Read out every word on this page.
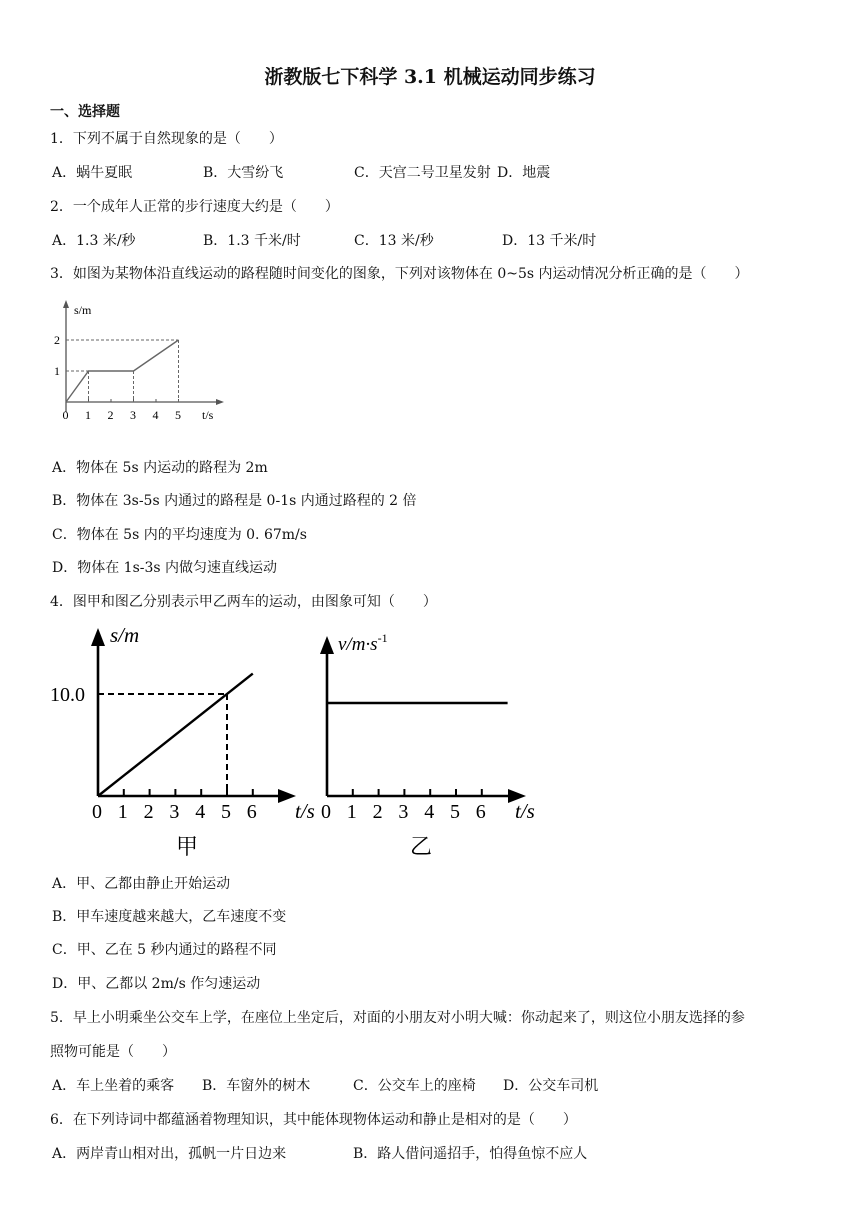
浙教版七下科学 3.1 机械运动同步练习
一、选择题
1．下列不属于自然现象的是（　　）
A．蜗牛夏眠	B．大雪纷飞	C．天宫二号卫星发射 D．地震
2．一个成年人正常的步行速度大约是（　　）
A．1.3 米/秒	B．1.3 千米/时	C．13 米/秒	D．13 千米/时
3．如图为某物体沿直线运动的路程随时间变化的图象，下列对该物体在 0~5s 内运动情况分析正确的是（　　）
0 1 2 3 4 5
1
2
s/m
t/s
A．物体在 5s 内运动的路程为 2m
B．物体在 3s-5s 内通过的路程是 0-1s 内通过路程的 2 倍
C．物体在 5s 内的平均速度为 0. 67m/s
D．物体在 1s-3s 内做匀速直线运动
4．图甲和图乙分别表示甲乙两车的运动，由图象可知（　　）
s/m
t/s
0 1 2 3 4 5 6
10.0
甲
$v/m\cdot s^{-1}$
t/s
0 1 2 3 4 5 6
乙
A．甲、乙都由静止开始运动
B．甲车速度越来越大，乙车速度不变
C．甲、乙在 5 秒内通过的路程不同
D．甲、乙都以 2m/s 作匀速运动
5．早上小明乘坐公交车上学，在座位上坐定后，对面的小朋友对小明大喊：你动起来了，则这位小朋友选择的参
照物可能是（　　）
A．车上坐着的乘客 B．车窗外的树木	C．公交车上的座椅 D．公交车司机
6．在下列诗词中都蕴涵着物理知识，其中能体现物体运动和静止是相对的是（　　）
A．两岸青山相对出，孤帆一片日边来	B．路人借问遥招手，怕得鱼惊不应人
